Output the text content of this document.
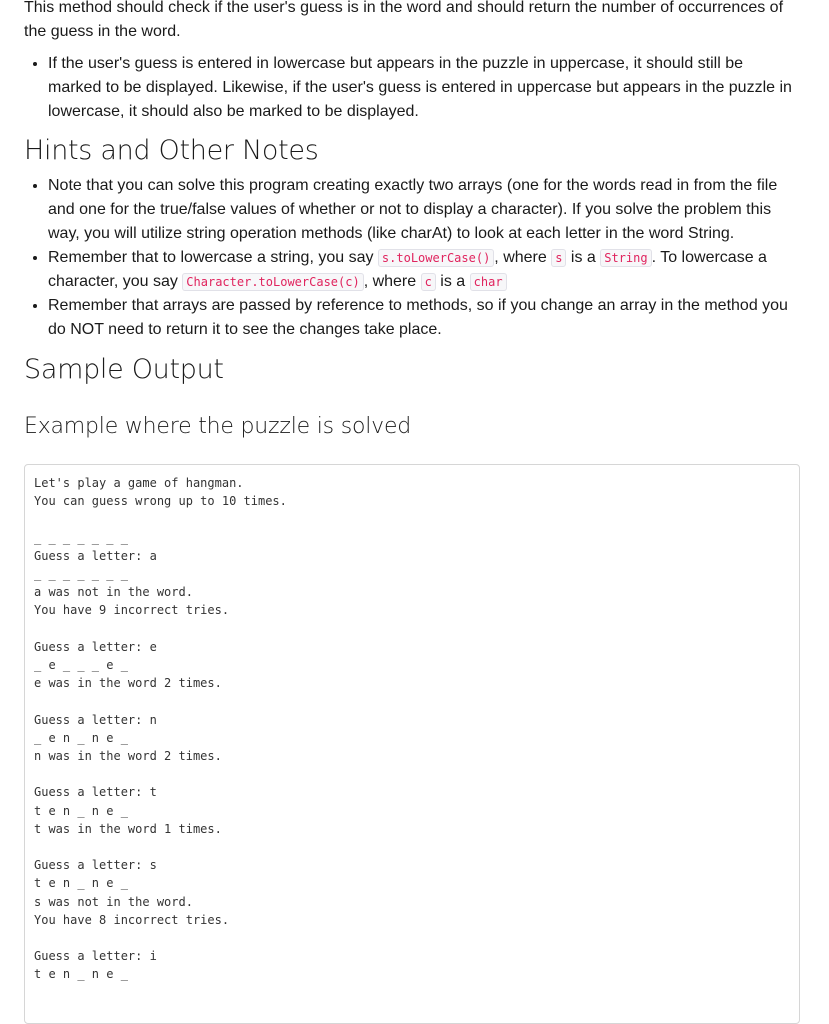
This method should check if the user's guess is in the word and should return the number of occurrences of the guess in the word.

• If the user's guess is entered in lowercase but appears in the puzzle in uppercase, it should still be marked to be displayed. Likewise, if the user's guess is entered in uppercase but appears in the puzzle in lowercase, it should also be marked to be displayed.
Hints and Other Notes
• Note that you can solve this program creating exactly two arrays (one for the words read in from the file and one for the true/false values of whether or not to display a character). If you solve the problem this way, you will utilize string operation methods (like charAt) to look at each letter in the word String.
• Remember that to lowercase a string, you say s.toLowerCase() , where s is a String . To lowercase a character, you say Character.toLowerCase(c) , where c is a char
• Remember that arrays are passed by reference to methods, so if you change an array in the method you do NOT need to return it to see the changes take place.
Sample Output
Example where the puzzle is solved
Let's play a game of hangman.
You can guess wrong up to 10 times.

_ _ _ _ _ _ _
Guess a letter: a
_ _ _ _ _ _ _
a was not in the word.
You have 9 incorrect tries.

Guess a letter: e
_ e _ _ _ e _
e was in the word 2 times.

Guess a letter: n
_ e n _ n e _
n was in the word 2 times.

Guess a letter: t
t e n _ n e _
t was in the word 1 times.

Guess a letter: s
t e n _ n e _
s was not in the word.
You have 8 incorrect tries.

Guess a letter: i
t e n _ n e _
